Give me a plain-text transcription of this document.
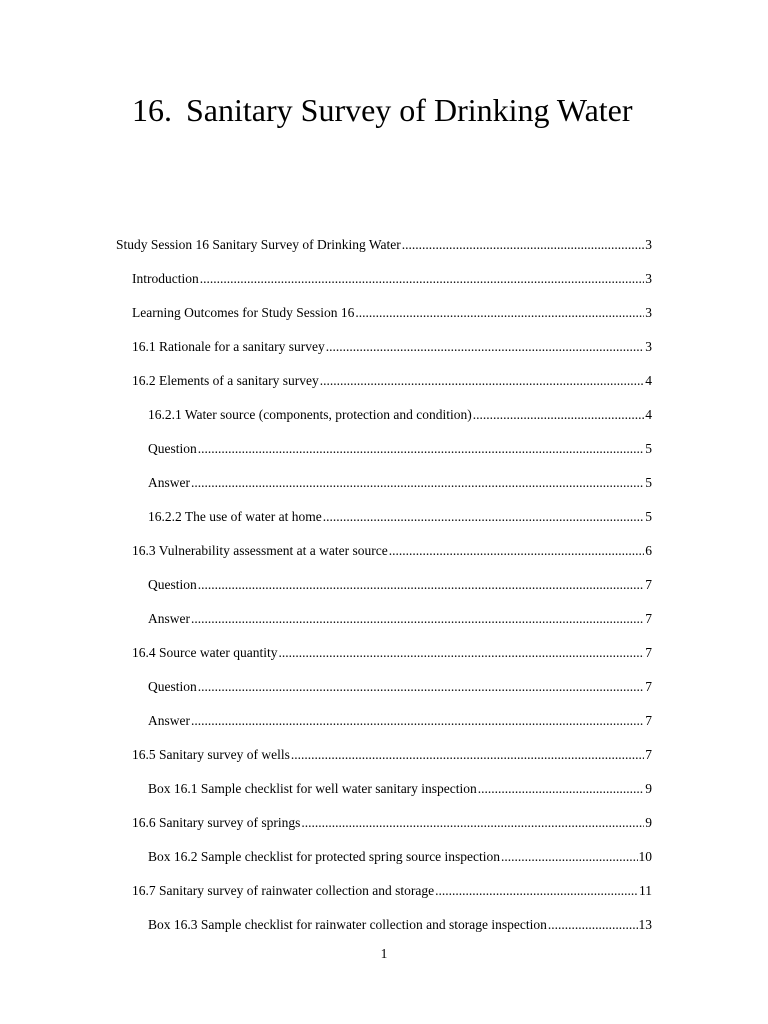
16. Sanitary Survey of Drinking Water
Study Session 16 Sanitary Survey of Drinking Water .....	3
Introduction .....	3
Learning Outcomes for Study Session 16 .....	3
16.1 Rationale for a sanitary survey .....	3
16.2 Elements of a sanitary survey .....	4
16.2.1 Water source (components, protection and condition) .....	4
Question .....	5
Answer .....	5
16.2.2 The use of water at home .....	5
16.3 Vulnerability assessment at a water source .....	6
Question .....	7
Answer .....	7
16.4 Source water quantity .....	7
Question .....	7
Answer .....	7
16.5 Sanitary survey of wells .....	7
Box 16.1 Sample checklist for well water sanitary inspection .....	9
16.6 Sanitary survey of springs .....	9
Box 16.2 Sample checklist for protected spring source inspection .....	10
16.7 Sanitary survey of rainwater collection and storage .....	11
Box 16.3 Sample checklist for rainwater collection and storage inspection .....	13
1
